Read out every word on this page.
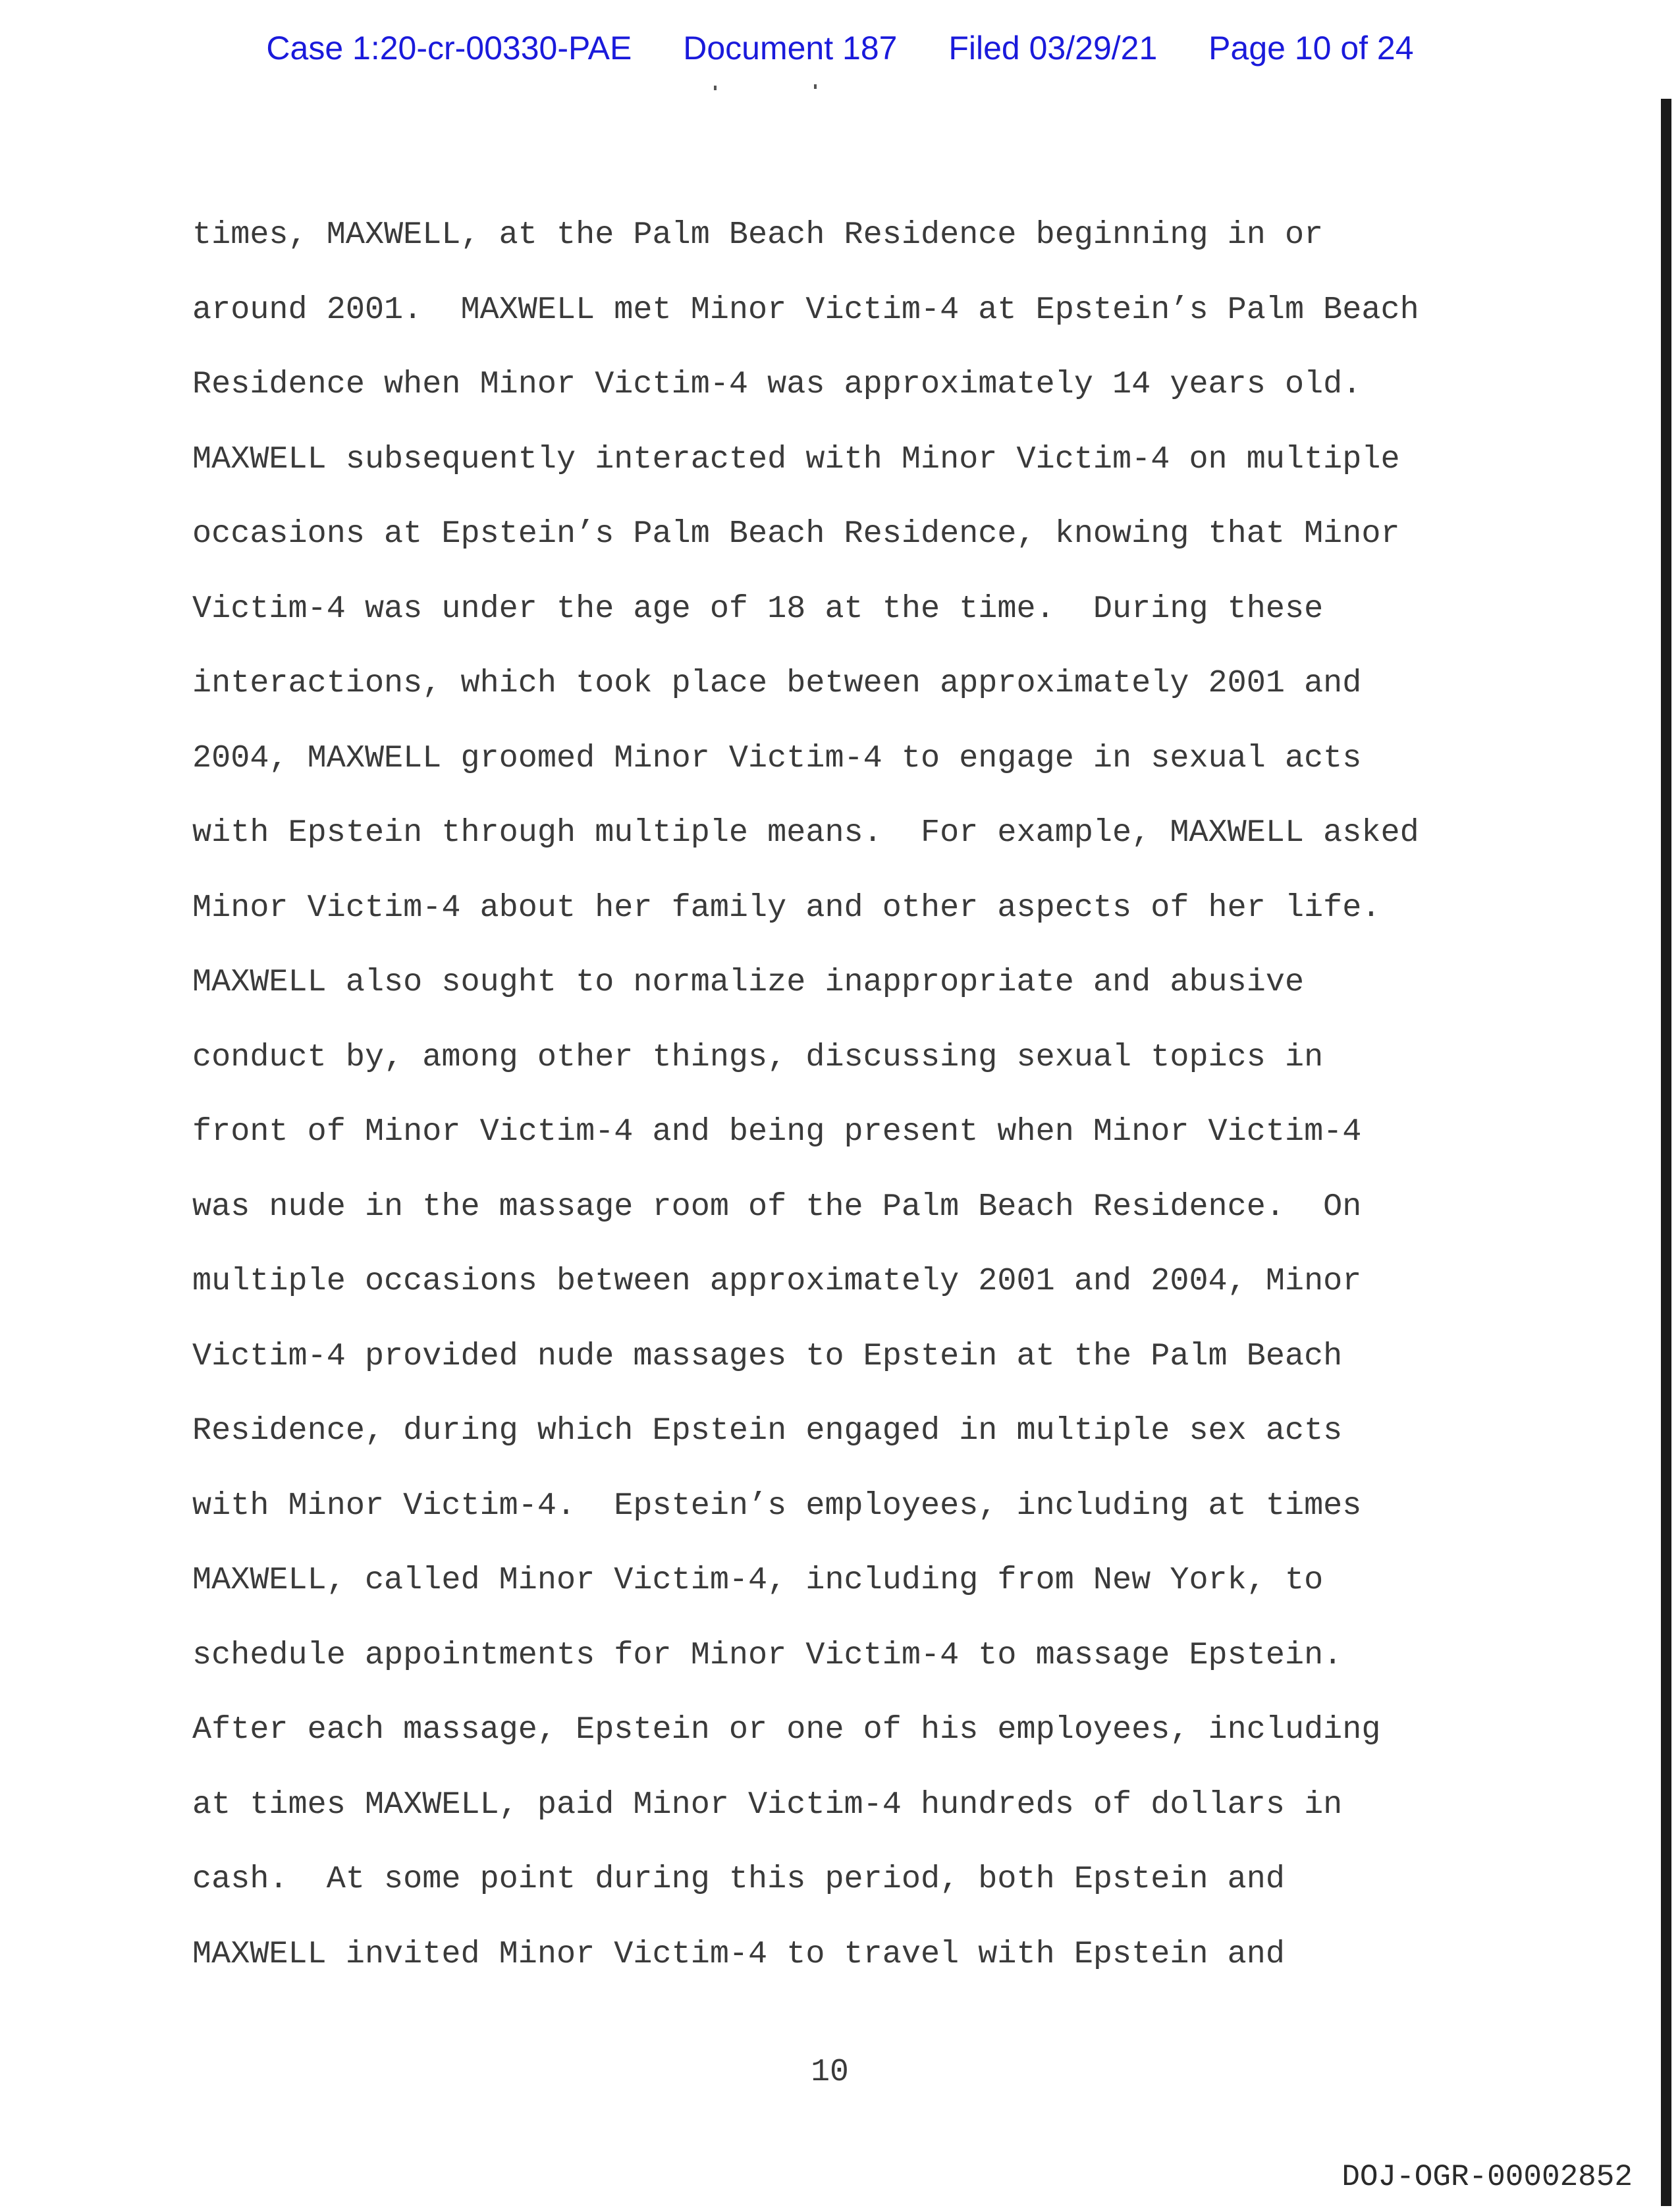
Case 1:20-cr-00330-PAE Document 187 Filed 03/29/21 Page 10 of 24
times, MAXWELL, at the Palm Beach Residence beginning in or
around 2001.  MAXWELL met Minor Victim-4 at Epstein’s Palm Beach
Residence when Minor Victim-4 was approximately 14 years old.
MAXWELL subsequently interacted with Minor Victim-4 on multiple
occasions at Epstein’s Palm Beach Residence, knowing that Minor
Victim-4 was under the age of 18 at the time.  During these
interactions, which took place between approximately 2001 and
2004, MAXWELL groomed Minor Victim-4 to engage in sexual acts
with Epstein through multiple means.  For example, MAXWELL asked
Minor Victim-4 about her family and other aspects of her life.
MAXWELL also sought to normalize inappropriate and abusive
conduct by, among other things, discussing sexual topics in
front of Minor Victim-4 and being present when Minor Victim-4
was nude in the massage room of the Palm Beach Residence.  On
multiple occasions between approximately 2001 and 2004, Minor
Victim-4 provided nude massages to Epstein at the Palm Beach
Residence, during which Epstein engaged in multiple sex acts
with Minor Victim-4.  Epstein’s employees, including at times
MAXWELL, called Minor Victim-4, including from New York, to
schedule appointments for Minor Victim-4 to massage Epstein.
After each massage, Epstein or one of his employees, including
at times MAXWELL, paid Minor Victim-4 hundreds of dollars in
cash.  At some point during this period, both Epstein and
MAXWELL invited Minor Victim-4 to travel with Epstein and
10
DOJ-OGR-00002852
